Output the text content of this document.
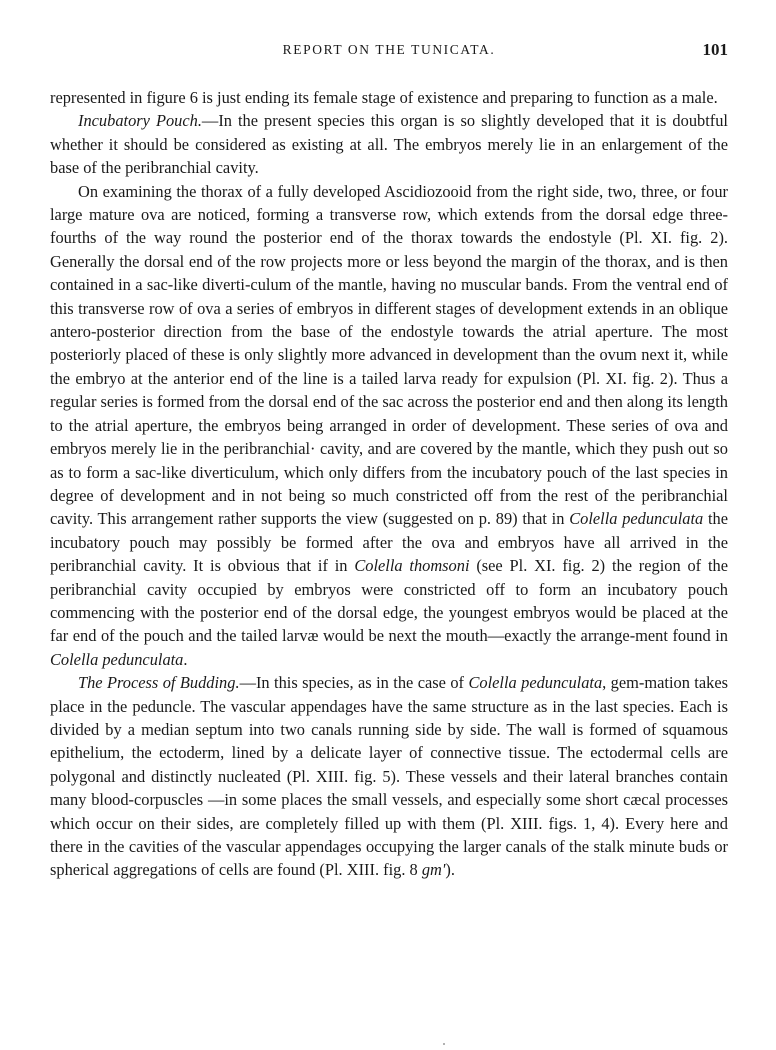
REPORT ON THE TUNICATA.	101

represented in figure 6 is just ending its female stage of existence and preparing to function as a male.

Incubatory Pouch.—In the present species this organ is so slightly developed that it is doubtful whether it should be considered as existing at all. The embryos merely lie in an enlargement of the base of the peribranchial cavity.

On examining the thorax of a fully developed Ascidiozooid from the right side, two, three, or four large mature ova are noticed, forming a transverse row, which extends from the dorsal edge three-fourths of the way round the posterior end of the thorax towards the endostyle (Pl. XI. fig. 2). Generally the dorsal end of the row projects more or less beyond the margin of the thorax, and is then contained in a sac-like diverti-culum of the mantle, having no muscular bands. From the ventral end of this transverse row of ova a series of embryos in different stages of development extends in an oblique antero-posterior direction from the base of the endostyle towards the atrial aperture. The most posteriorly placed of these is only slightly more advanced in development than the ovum next it, while the embryo at the anterior end of the line is a tailed larva ready for expulsion (Pl. XI. fig. 2). Thus a regular series is formed from the dorsal end of the sac across the posterior end and then along its length to the atrial aperture, the embryos being arranged in order of development. These series of ova and embryos merely lie in the peribranchial· cavity, and are covered by the mantle, which they push out so as to form a sac-like diverticulum, which only differs from the incubatory pouch of the last species in degree of development and in not being so much constricted off from the rest of the peribranchial cavity. This arrangement rather supports the view (suggested on p. 89) that in Colella pedunculata the incubatory pouch may possibly be formed after the ova and embryos have all arrived in the peribranchial cavity. It is obvious that if in Colella thomsoni (see Pl. XI. fig. 2) the region of the peribranchial cavity occupied by embryos were constricted off to form an incubatory pouch commencing with the posterior end of the dorsal edge, the youngest embryos would be placed at the far end of the pouch and the tailed larvæ would be next the mouth—exactly the arrange-ment found in Colella pedunculata.

The Process of Budding.—In this species, as in the case of Colella pedunculata, gem-mation takes place in the peduncle. The vascular appendages have the same structure as in the last species. Each is divided by a median septum into two canals running side by side. The wall is formed of squamous epithelium, the ectoderm, lined by a delicate layer of connective tissue. The ectodermal cells are polygonal and distinctly nucleated (Pl. XIII. fig. 5). These vessels and their lateral branches contain many blood-corpuscles —in some places the small vessels, and especially some short cæcal processes which occur on their sides, are completely filled up with them (Pl. XIII. figs. 1, 4). Every here and there in the cavities of the vascular appendages occupying the larger canals of the stalk minute buds or spherical aggregations of cells are found (Pl. XIII. fig. 8 gm').
